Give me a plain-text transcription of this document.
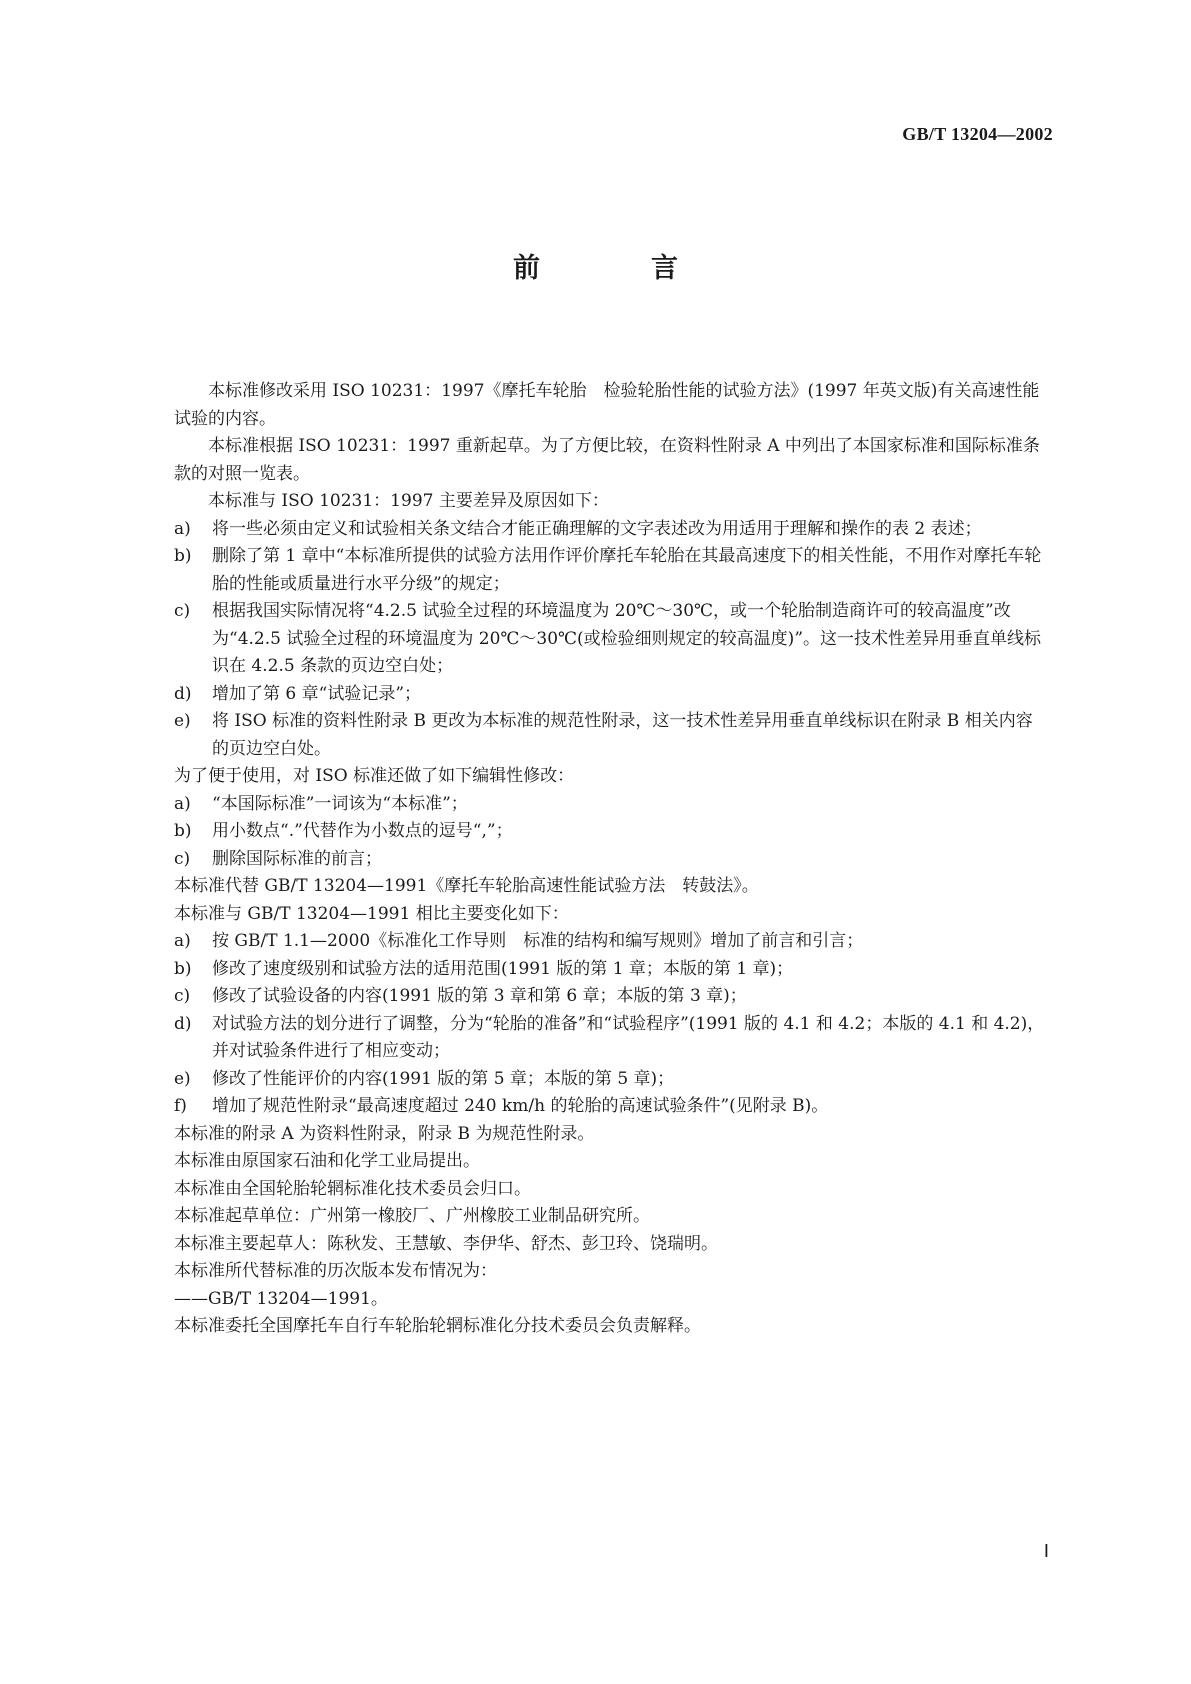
GB/T 13204—2002
前　言
本标准修改采用 ISO 10231：1997《摩托车轮胎　检验轮胎性能的试验方法》(1997 年英文版)有关高速性能试验的内容。
本标准根据 ISO 10231：1997 重新起草。为了方便比较，在资料性附录 A 中列出了本国家标准和国际标准条款的对照一览表。
本标准与 ISO 10231：1997 主要差异及原因如下：
a)	将一些必须由定义和试验相关条文结合才能正确理解的文字表述改为用适用于理解和操作的表 2 表述；
b)	删除了第 1 章中“本标准所提供的试验方法用作评价摩托车轮胎在其最高速度下的相关性能，不用作对摩托车轮胎的性能或质量进行水平分级”的规定；
c)	根据我国实际情况将“4.2.5 试验全过程的环境温度为 20℃～30℃，或一个轮胎制造商许可的较高温度”改为“4.2.5 试验全过程的环境温度为 20℃～30℃(或检验细则规定的较高温度)”。这一技术性差异用垂直单线标识在 4.2.5 条款的页边空白处；
d)	增加了第 6 章“试验记录”；
e)	将 ISO 标准的资料性附录 B 更改为本标准的规范性附录，这一技术性差异用垂直单线标识在附录 B 相关内容的页边空白处。
为了便于使用，对 ISO 标准还做了如下编辑性修改：
a)	“本国际标准”一词该为“本标准”；
b)	用小数点“.”代替作为小数点的逗号“,”；
c)	删除国际标准的前言；
本标准代替 GB/T 13204—1991《摩托车轮胎高速性能试验方法　转鼓法》。
本标准与 GB/T 13204—1991 相比主要变化如下：
a)	按 GB/T 1.1—2000《标准化工作导则　标准的结构和编写规则》增加了前言和引言；
b)	修改了速度级别和试验方法的适用范围(1991 版的第 1 章；本版的第 1 章)；
c)	修改了试验设备的内容(1991 版的第 3 章和第 6 章；本版的第 3 章)；
d)	对试验方法的划分进行了调整，分为“轮胎的准备”和“试验程序”(1991 版的 4.1 和 4.2；本版的 4.1 和 4.2)，并对试验条件进行了相应变动；
e)	修改了性能评价的内容(1991 版的第 5 章；本版的第 5 章)；
f)	增加了规范性附录“最高速度超过 240 km/h 的轮胎的高速试验条件”(见附录 B)。
本标准的附录 A 为资料性附录，附录 B 为规范性附录。
本标准由原国家石油和化学工业局提出。
本标准由全国轮胎轮辋标准化技术委员会归口。
本标准起草单位：广州第一橡胶厂、广州橡胶工业制品研究所。
本标准主要起草人：陈秋发、王慧敏、李伊华、舒杰、彭卫玲、饶瑞明。
本标准所代替标准的历次版本发布情况为：
——GB/T 13204—1991。
本标准委托全国摩托车自行车轮胎轮辋标准化分技术委员会负责解释。
Ⅰ
